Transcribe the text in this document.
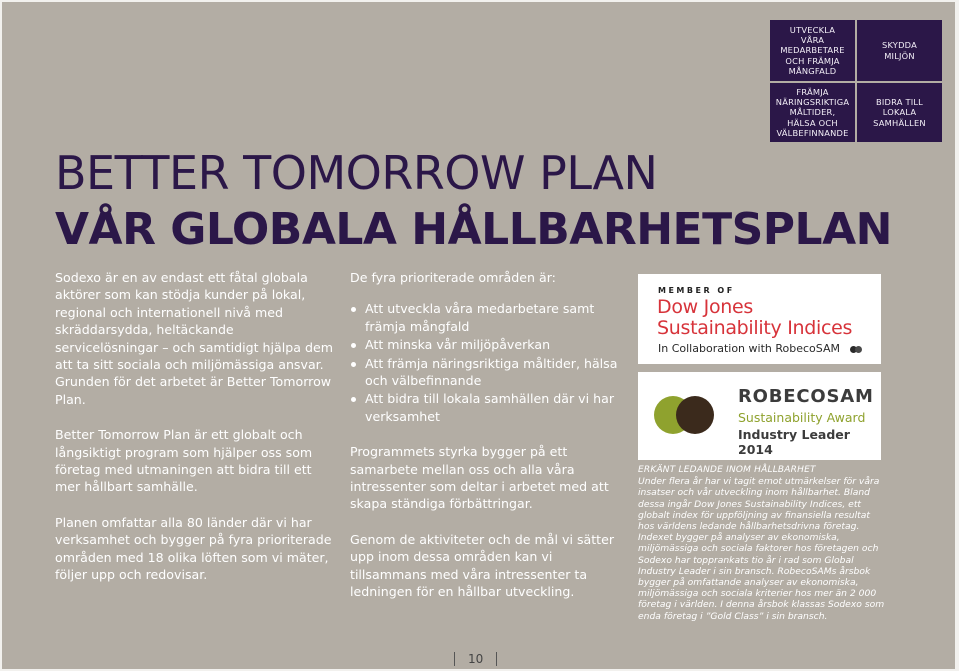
UTVECKLA
VÅRA
MEDARBETARE
OCH FRÄMJA
MÅNGFALD
SKYDDA
MILJÖN
FRÄMJA
NÄRINGSRIKTIGA
MÅLTIDER,
HÄLSA OCH
VÄLBEFINNANDE
BIDRA TILL
LOKALA
SAMHÄLLEN
BETTER TOMORROW PLAN
VÅR GLOBALA HÅLLBARHETSPLAN

Sodexo är en av endast ett fåtal globala aktörer som kan stödja kunder på lokal, regional och internationell nivå med skräddarsydda, heltäckande servicelösningar – och samtidigt hjälpa dem att ta sitt sociala och miljömässiga ansvar. Grunden för det arbetet är Better Tomorrow Plan.

Better Tomorrow Plan är ett globalt och långsiktigt program som hjälper oss som företag med utmaningen att bidra till ett mer hållbart samhälle.

Planen omfattar alla 80 länder där vi har verksamhet och bygger på fyra prioriterade områden med 18 olika löften som vi mäter, följer upp och redovisar.

De fyra prioriterade områden är:

Att utveckla våra medarbetare samt främja mångfald
Att minska vår miljöpåverkan
Att främja näringsriktiga måltider, hälsa och välbefinnande
Att bidra till lokala samhällen där vi har verksamhet

Programmets styrka bygger på ett samarbete mellan oss och alla våra intressenter som deltar i arbetet med att skapa ständiga förbättringar.

Genom de aktiviteter och de mål vi sätter upp inom dessa områden kan vi tillsammans med våra intressenter ta ledningen för en hållbar utveckling.

MEMBER OF
Dow Jones
Sustainability Indices
In Collaboration with RobecoSAM
ROBECOSAM
Sustainability Award
Industry Leader 2014
ERKÄNT LEDANDE INOM HÅLLBARHET
Under flera år har vi tagit emot utmärkelser för våra insatser och vår utveckling inom hållbarhet. Bland dessa ingår Dow Jones Sustainability Indices, ett globalt index för uppföljning av finansiella resultat hos världens ledande hållbarhetsdrivna företag. Indexet bygger på analyser av ekonomiska, miljömässiga och sociala faktorer hos företagen och Sodexo har topprankats tio år i rad som Global Industry Leader i sin bransch. RobecoSAMs årsbok bygger på omfattande analyser av ekonomiska, miljömässiga och sociala kriterier hos mer än 2 000 företag i världen. I denna årsbok klassas Sodexo som enda företag i ”Gold Class” i sin bransch.
10
